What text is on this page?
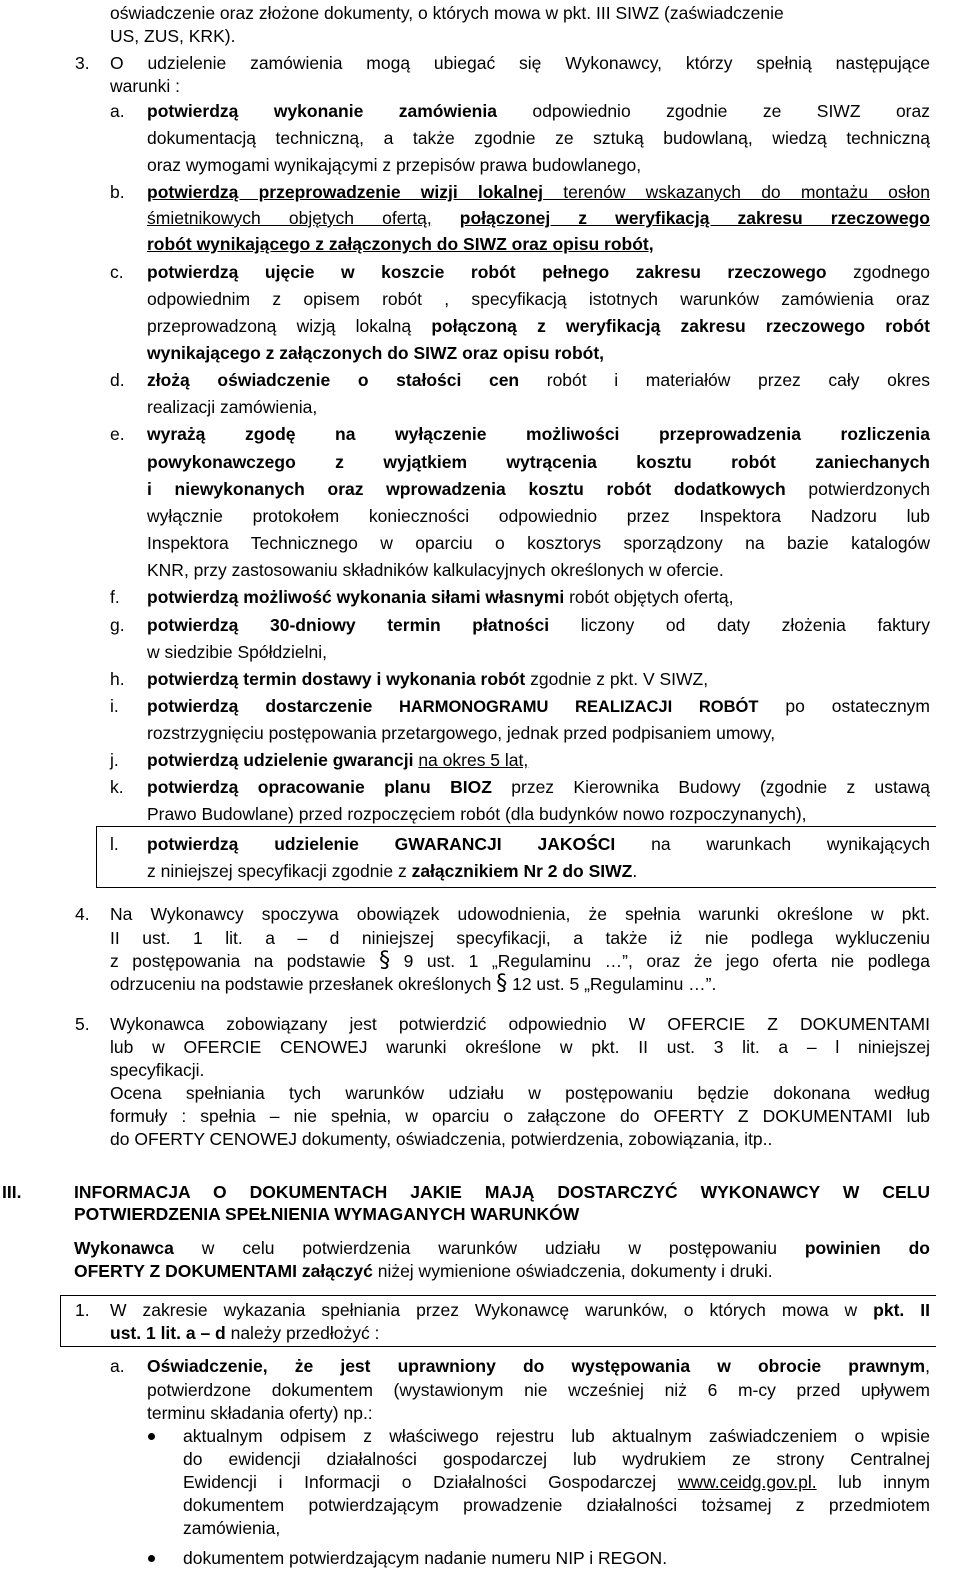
oświadczenie oraz złożone dokumenty, o których mowa w pkt. III SIWZ (zaświadczenie
US, ZUS, KRK).
3. O udzielenie zamówienia mogą ubiegać się Wykonawcy, którzy spełnią następujące
warunki :
a. potwierdzą wykonanie zamówienia odpowiednio zgodnie ze SIWZ oraz
dokumentacją techniczną, a także zgodnie ze sztuką budowlaną, wiedzą techniczną
oraz wymogami wynikającymi z przepisów prawa budowlanego,
b. potwierdzą przeprowadzenie wizji lokalnej terenów wskazanych do montażu osłon
śmietnikowych objętych ofertą, połączonej z weryfikacją zakresu rzeczowego
robót wynikającego z załączonych do SIWZ oraz opisu robót,
c. potwierdzą ujęcie w koszcie robót pełnego zakresu rzeczowego zgodnego
odpowiednim z opisem robót , specyfikacją istotnych warunków zamówienia oraz
przeprowadzoną wizją lokalną połączoną z weryfikacją zakresu rzeczowego robót
wynikającego z załączonych do SIWZ oraz opisu robót,
d. złożą oświadczenie o stałości cen robót i materiałów przez cały okres
realizacji zamówienia,
e. wyrażą zgodę na wyłączenie możliwości przeprowadzenia rozliczenia
powykonawczego z wyjątkiem wytrącenia kosztu robót zaniechanych
i niewykonanych oraz wprowadzenia kosztu robót dodatkowych potwierdzonych
wyłącznie protokołem konieczności odpowiednio przez Inspektora Nadzoru lub
Inspektora Technicznego w oparciu o kosztorys sporządzony na bazie katalogów
KNR, przy zastosowaniu składników kalkulacyjnych określonych w ofercie.
f. potwierdzą możliwość wykonania siłami własnymi robót objętych ofertą,
g. potwierdzą 30-dniowy termin płatności liczony od daty złożenia faktury
w siedzibie Spółdzielni,
h. potwierdzą termin dostawy i wykonania robót zgodnie z pkt. V SIWZ,
i. potwierdzą dostarczenie HARMONOGRAMU REALIZACJI ROBÓT po ostatecznym
rozstrzygnięciu postępowania przetargowego, jednak przed podpisaniem umowy,
j. potwierdzą udzielenie gwarancji na okres 5 lat,
k. potwierdzą opracowanie planu BIOZ przez Kierownika Budowy (zgodnie z ustawą
Prawo Budowlane) przed rozpoczęciem robót (dla budynków nowo rozpoczynanych),
l. potwierdzą udzielenie GWARANCJI JAKOŚCI na warunkach wynikających
z niniejszej specyfikacji zgodnie z załącznikiem Nr 2 do SIWZ.
4. Na Wykonawcy spoczywa obowiązek udowodnienia, że spełnia warunki określone w pkt.
II ust. 1 lit. a – d niniejszej specyfikacji, a także iż nie podlega wykluczeniu
z postępowania na podstawie § 9 ust. 1 „Regulaminu …”, oraz że jego oferta nie podlega
odrzuceniu na podstawie przesłanek określonych § 12 ust. 5 „Regulaminu …”.
5. Wykonawca zobowiązany jest potwierdzić odpowiednio W OFERCIE Z DOKUMENTAMI
lub w OFERCIE CENOWEJ warunki określone w pkt. II ust. 3 lit. a – l niniejszej
specyfikacji.
Ocena spełniania tych warunków udziału w postępowaniu będzie dokonana według
formuły : spełnia – nie spełnia, w oparciu o załączone do OFERTY Z DOKUMENTAMI lub
do OFERTY CENOWEJ dokumenty, oświadczenia, potwierdzenia, zobowiązania, itp..
III.	INFORMACJA O DOKUMENTACH JAKIE MAJĄ DOSTARCZYĆ WYKONAWCY W CELU
POTWIERDZENIA SPEŁNIENIA WYMAGANYCH WARUNKÓW
Wykonawca w celu potwierdzenia warunków udziału w postępowaniu powinien do
OFERTY Z DOKUMENTAMI załączyć niżej wymienione oświadczenia, dokumenty i druki.
1. W zakresie wykazania spełniania przez Wykonawcę warunków, o których mowa w pkt. II
ust. 1 lit. a – d należy przedłożyć :
a. Oświadczenie, że jest uprawniony do występowania w obrocie prawnym,
potwierdzone dokumentem (wystawionym nie wcześniej niż 6 m-cy przed upływem
terminu składania oferty) np.:
aktualnym odpisem z właściwego rejestru lub aktualnym zaświadczeniem o wpisie
do ewidencji działalności gospodarczej lub wydrukiem ze strony Centralnej
Ewidencji i Informacji o Działalności Gospodarczej www.ceidg.gov.pl. lub innym
dokumentem potwierdzającym prowadzenie działalności tożsamej z przedmiotem
zamówienia,
dokumentem potwierdzającym nadanie numeru NIP i REGON.
